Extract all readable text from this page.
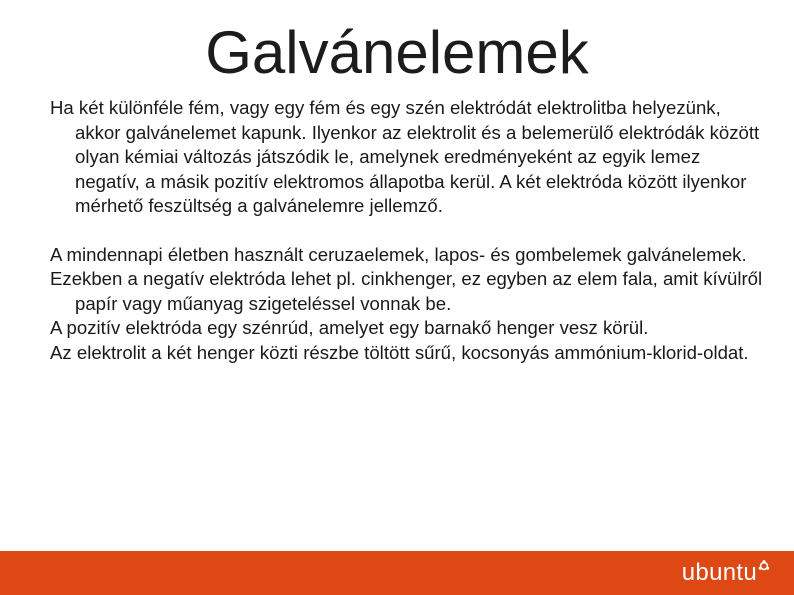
Galvánelemek

Ha két különféle fém, vagy egy fém és egy szén elektródát elektrolitba helyezünk, akkor galvánelemet kapunk. Ilyenkor az elektrolit és a belemerülő elektródák között olyan kémiai változás játszódik le, amelynek eredményeként az egyik lemez negatív, a másik pozitív elektromos állapotba kerül. A két elektróda között ilyenkor mérhető feszültség a galvánelemre jellemző.

A mindennapi életben használt ceruzaelemek, lapos- és gombelemek galvánelemek.

Ezekben a negatív elektróda lehet pl. cinkhenger, ez egyben az elem fala, amit kívülről papír vagy műanyag szigeteléssel vonnak be.

A pozitív elektróda egy szénrúd, amelyet egy barnakő henger vesz körül.

Az elektrolit a két henger közti részbe töltött sűrű, kocsonyás ammónium-klorid-oldat.

ubuntu
